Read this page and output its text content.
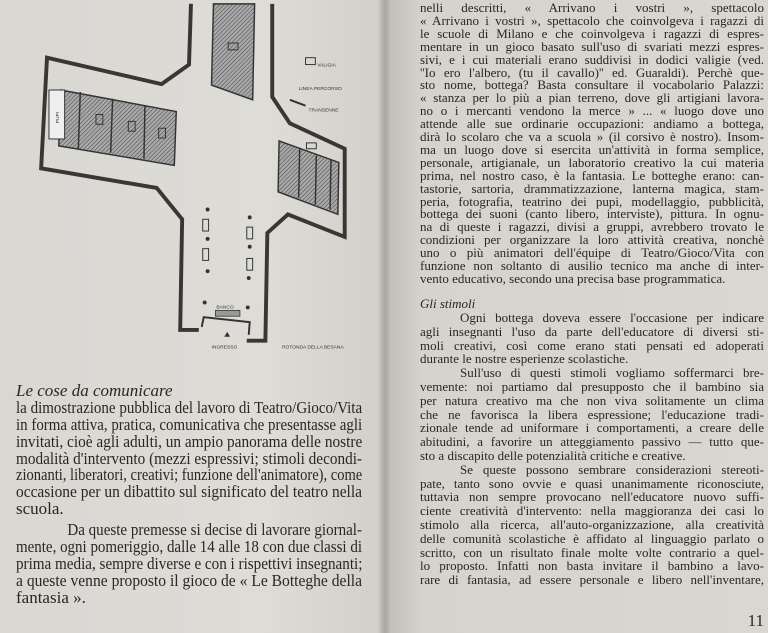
VALIGIA
LINEA PERCORSO
TRANSENNE
PUPI
BANCO
INGRESSO	ROTONDA DELLA BESANA
Le cose da comunicare
la dimostrazione pubblica del lavoro di Teatro/Gioco/Vita
in forma attiva, pratica, comunicativa che presentasse agli
invitati, cioè agli adulti, un ampio panorama delle nostre
modalità d'intervento (mezzi espressivi; stimoli decondi-
zionanti, liberatori, creativi; funzione dell'animatore), come
occasione per un dibattito sul significato del teatro nella
scuola.
Da queste premesse si decise di lavorare giornal-
mente, ogni pomeriggio, dalle 14 alle 18 con due classi di
prima media, sempre diverse e con i rispettivi insegnanti;
a queste venne proposto il gioco de « Le Botteghe della
fantasia ».
nelli descritti, « Arrivano i vostri », spettacolo
« Arrivano i vostri », spettacolo che coinvolgeva i ragazzi di
le scuole di Milano e che coinvolgeva i ragazzi di espres-
mentare in un gioco basato sull'uso di svariati mezzi espres-
sivi, e i cui materiali erano suddivisi in dodici valigie (ved.
''Io ero l'albero, (tu il cavallo)'' ed. Guaraldi). Perchè que-
sto nome, bottega? Basta consultare il vocabolario Palazzi:
« stanza per lo più a pian terreno, dove gli artigiani lavora-
no o i mercanti vendono la merce » ... « luogo dove uno
attende alle sue ordinarie occupazioni: andiamo a bottega,
dirà lo scolaro che va a scuola » (il corsivo è nostro). Insom-
ma un luogo dove si esercita un'attività in forma semplice,
personale, artigianale, un laboratorio creativo la cui materia
prima, nel nostro caso, è la fantasia. Le botteghe erano: can-
tastorie, sartoria, drammatizzazione, lanterna magica, stam-
peria, fotografia, teatrino dei pupi, modellaggio, pubblicità,
bottega dei suoni (canto libero, interviste), pittura. In ognu-
na di queste i ragazzi, divisi a gruppi, avrebbero trovato le
condizioni per organizzare la loro attività creativa, nonchè
uno o più animatori dell'équipe di Teatro/Gioco/Vita con
funzione non soltanto di ausilio tecnico ma anche di inter-
vento educativo, secondo una precisa base programmatica.
Gli stimoli
Ogni bottega doveva essere l'occasione per indicare
agli insegnanti l'uso da parte dell'educatore di diversi sti-
moli creativi, così come erano stati pensati ed adoperati
durante le nostre esperienze scolastiche.
Sull'uso di questi stimoli vogliamo soffermarci bre-
vemente: noi partiamo dal presupposto che il bambino sia
per natura creativo ma che non viva solitamente un clima
che ne favorisca la libera espressione; l'educazione tradi-
zionale tende ad uniformare i comportamenti, a creare delle
abitudini, a favorire un atteggiamento passivo — tutto que-
sto a discapito delle potenzialità critiche e creative.
Se queste possono sembrare considerazioni stereoti-
pate, tanto sono ovvie e quasi unanimamente riconosciute,
tuttavia non sempre provocano nell'educatore nuovo suffi-
ciente creatività d'intervento: nella maggioranza dei casi lo
stimolo alla ricerca, all'auto-organizzazione, alla creatività
delle comunità scolastiche è affidato al linguaggio parlato o
scritto, con un risultato finale molte volte contrario a quel-
lo proposto. Infatti non basta invitare il bambino a lavo-
rare di fantasia, ad essere personale e libero nell'inventare,
11
